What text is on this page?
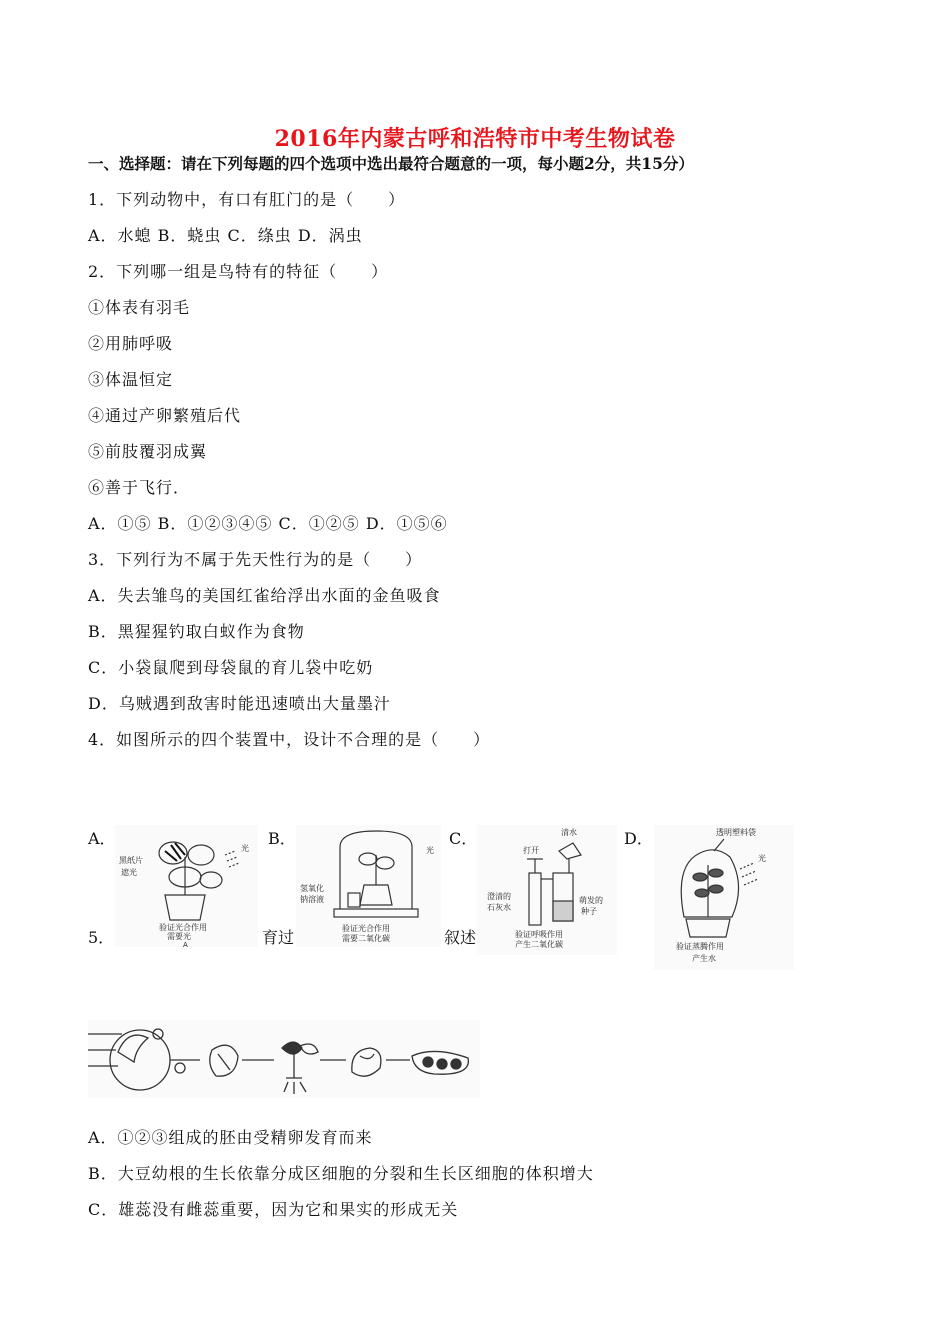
2016年内蒙古呼和浩特市中考生物试卷
一、选择题：请在下列每题的四个选项中选出最符合题意的一项，每小题2分，共15分）
1．下列动物中，有口有肛门的是（　　）
A．水螅 B．蛲虫 C．绦虫 D．涡虫
2．下列哪一组是鸟特有的特征（　　）
①体表有羽毛
②用肺呼吸
③体温恒定
④通过产卵繁殖后代
⑤前肢覆羽成翼
⑥善于飞行．
A．①⑤ B．①②③④⑤ C．①②⑤ D．①⑤⑥
3．下列行为不属于先天性行为的是（　　）
A．失去雏鸟的美国红雀给浮出水面的金鱼吸食
B．黑猩猩钓取白蚁作为食物
C．小袋鼠爬到母袋鼠的育儿袋中吃奶
D．乌贼遇到敌害时能迅速喷出大量墨汁
4．如图所示的四个装置中，设计不合理的是（　　）
A．	B．	C．	D．
5．	育过	叙述
黑纸片
遮光
光
验证光合作用
需要光
A
光
氢氧化
钠溶液
验证光合作用
需要二氧化碳
清水
打开
澄清的
石灰水
萌发的
种子
验证呼吸作用
产生二氧化碳
透明塑料袋
光
验证蒸腾作用
产生水
A．①②③组成的胚由受精卵发育而来
B．大豆幼根的生长依靠分成区细胞的分裂和生长区细胞的体积增大
C．雄蕊没有雌蕊重要，因为它和果实的形成无关
